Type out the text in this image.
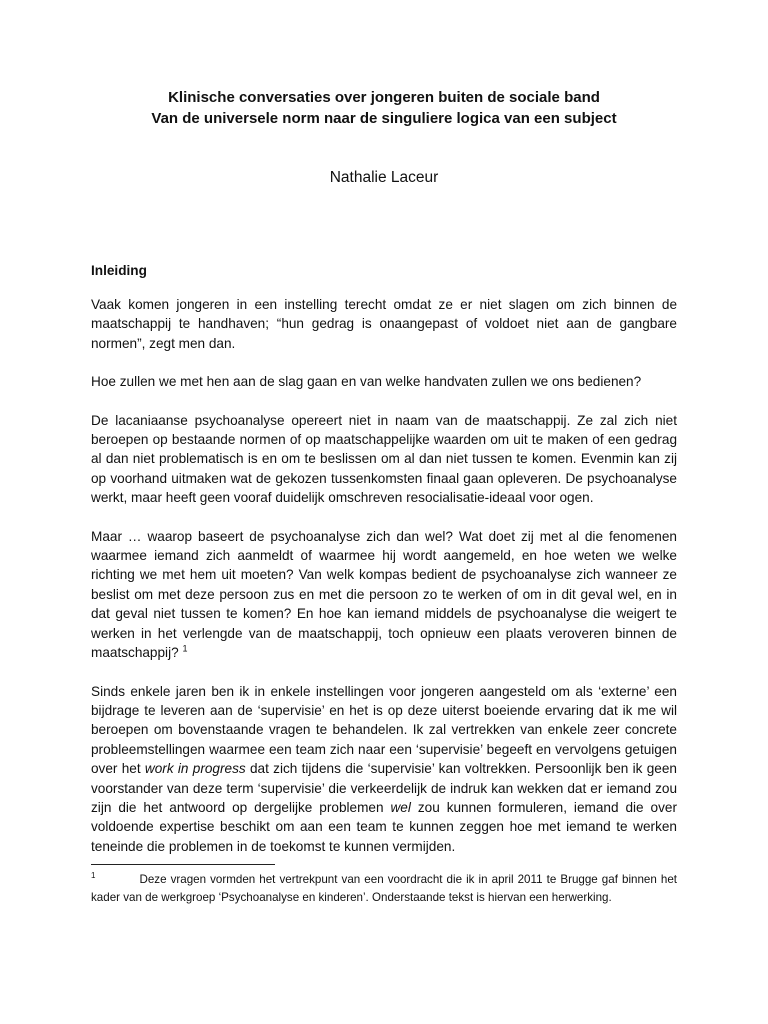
Klinische conversaties over jongeren buiten de sociale band
Van de universele norm naar de singuliere logica van een subject
Nathalie Laceur
Inleiding

Vaak komen jongeren in een instelling terecht omdat ze er niet slagen om zich binnen de maatschappij te handhaven; “hun gedrag is onaangepast of voldoet niet aan de gangbare normen”, zegt men dan.

Hoe zullen we met hen aan de slag gaan en van welke handvaten zullen we ons bedienen?

De lacaniaanse psychoanalyse opereert niet in naam van de maatschappij. Ze zal zich niet beroepen op bestaande normen of op maatschappelijke waarden om uit te maken of een gedrag al dan niet problematisch is en om te beslissen om al dan niet tussen te komen. Evenmin kan zij op voorhand uitmaken wat de gekozen tussenkomsten finaal gaan opleveren. De psychoanalyse werkt, maar heeft geen vooraf duidelijk omschreven resocialisatie-ideaal voor ogen.

Maar … waarop baseert de psychoanalyse zich dan wel? Wat doet zij met al die fenomenen waarmee iemand zich aanmeldt of waarmee hij wordt aangemeld, en hoe weten we welke richting we met hem uit moeten? Van welk kompas bedient de psychoanalyse zich wanneer ze beslist om met deze persoon zus en met die persoon zo te werken of om in dit geval wel, en in dat geval niet tussen te komen? En hoe kan iemand middels de psychoanalyse die weigert te werken in het verlengde van de maatschappij, toch opnieuw een plaats veroveren binnen de maatschappij? $^1$

Sinds enkele jaren ben ik in enkele instellingen voor jongeren aangesteld om als ‘externe’ een bijdrage te leveren aan de ‘supervisie’ en het is op deze uiterst boeiende ervaring dat ik me wil beroepen om bovenstaande vragen te behandelen. Ik zal vertrekken van enkele zeer concrete probleemstellingen waarmee een team zich naar een ‘supervisie’ begeeft en vervolgens getuigen over het work in progress dat zich tijdens die ‘supervisie’ kan voltrekken. Persoonlijk ben ik geen voorstander van deze term ‘supervisie’ die verkeerdelijk de indruk kan wekken dat er iemand zou zijn die het antwoord op dergelijke problemen wel zou kunnen formuleren, iemand die over voldoende expertise beschikt om aan een team te kunnen zeggen hoe met iemand te werken teneinde die problemen in de toekomst te kunnen vermijden.

$^1$	Deze vragen vormden het vertrekpunt van een voordracht die ik in april 2011 te Brugge gaf binnen het kader van de werkgroep ‘Psychoanalyse en kinderen’. Onderstaande tekst is hiervan een herwerking.
